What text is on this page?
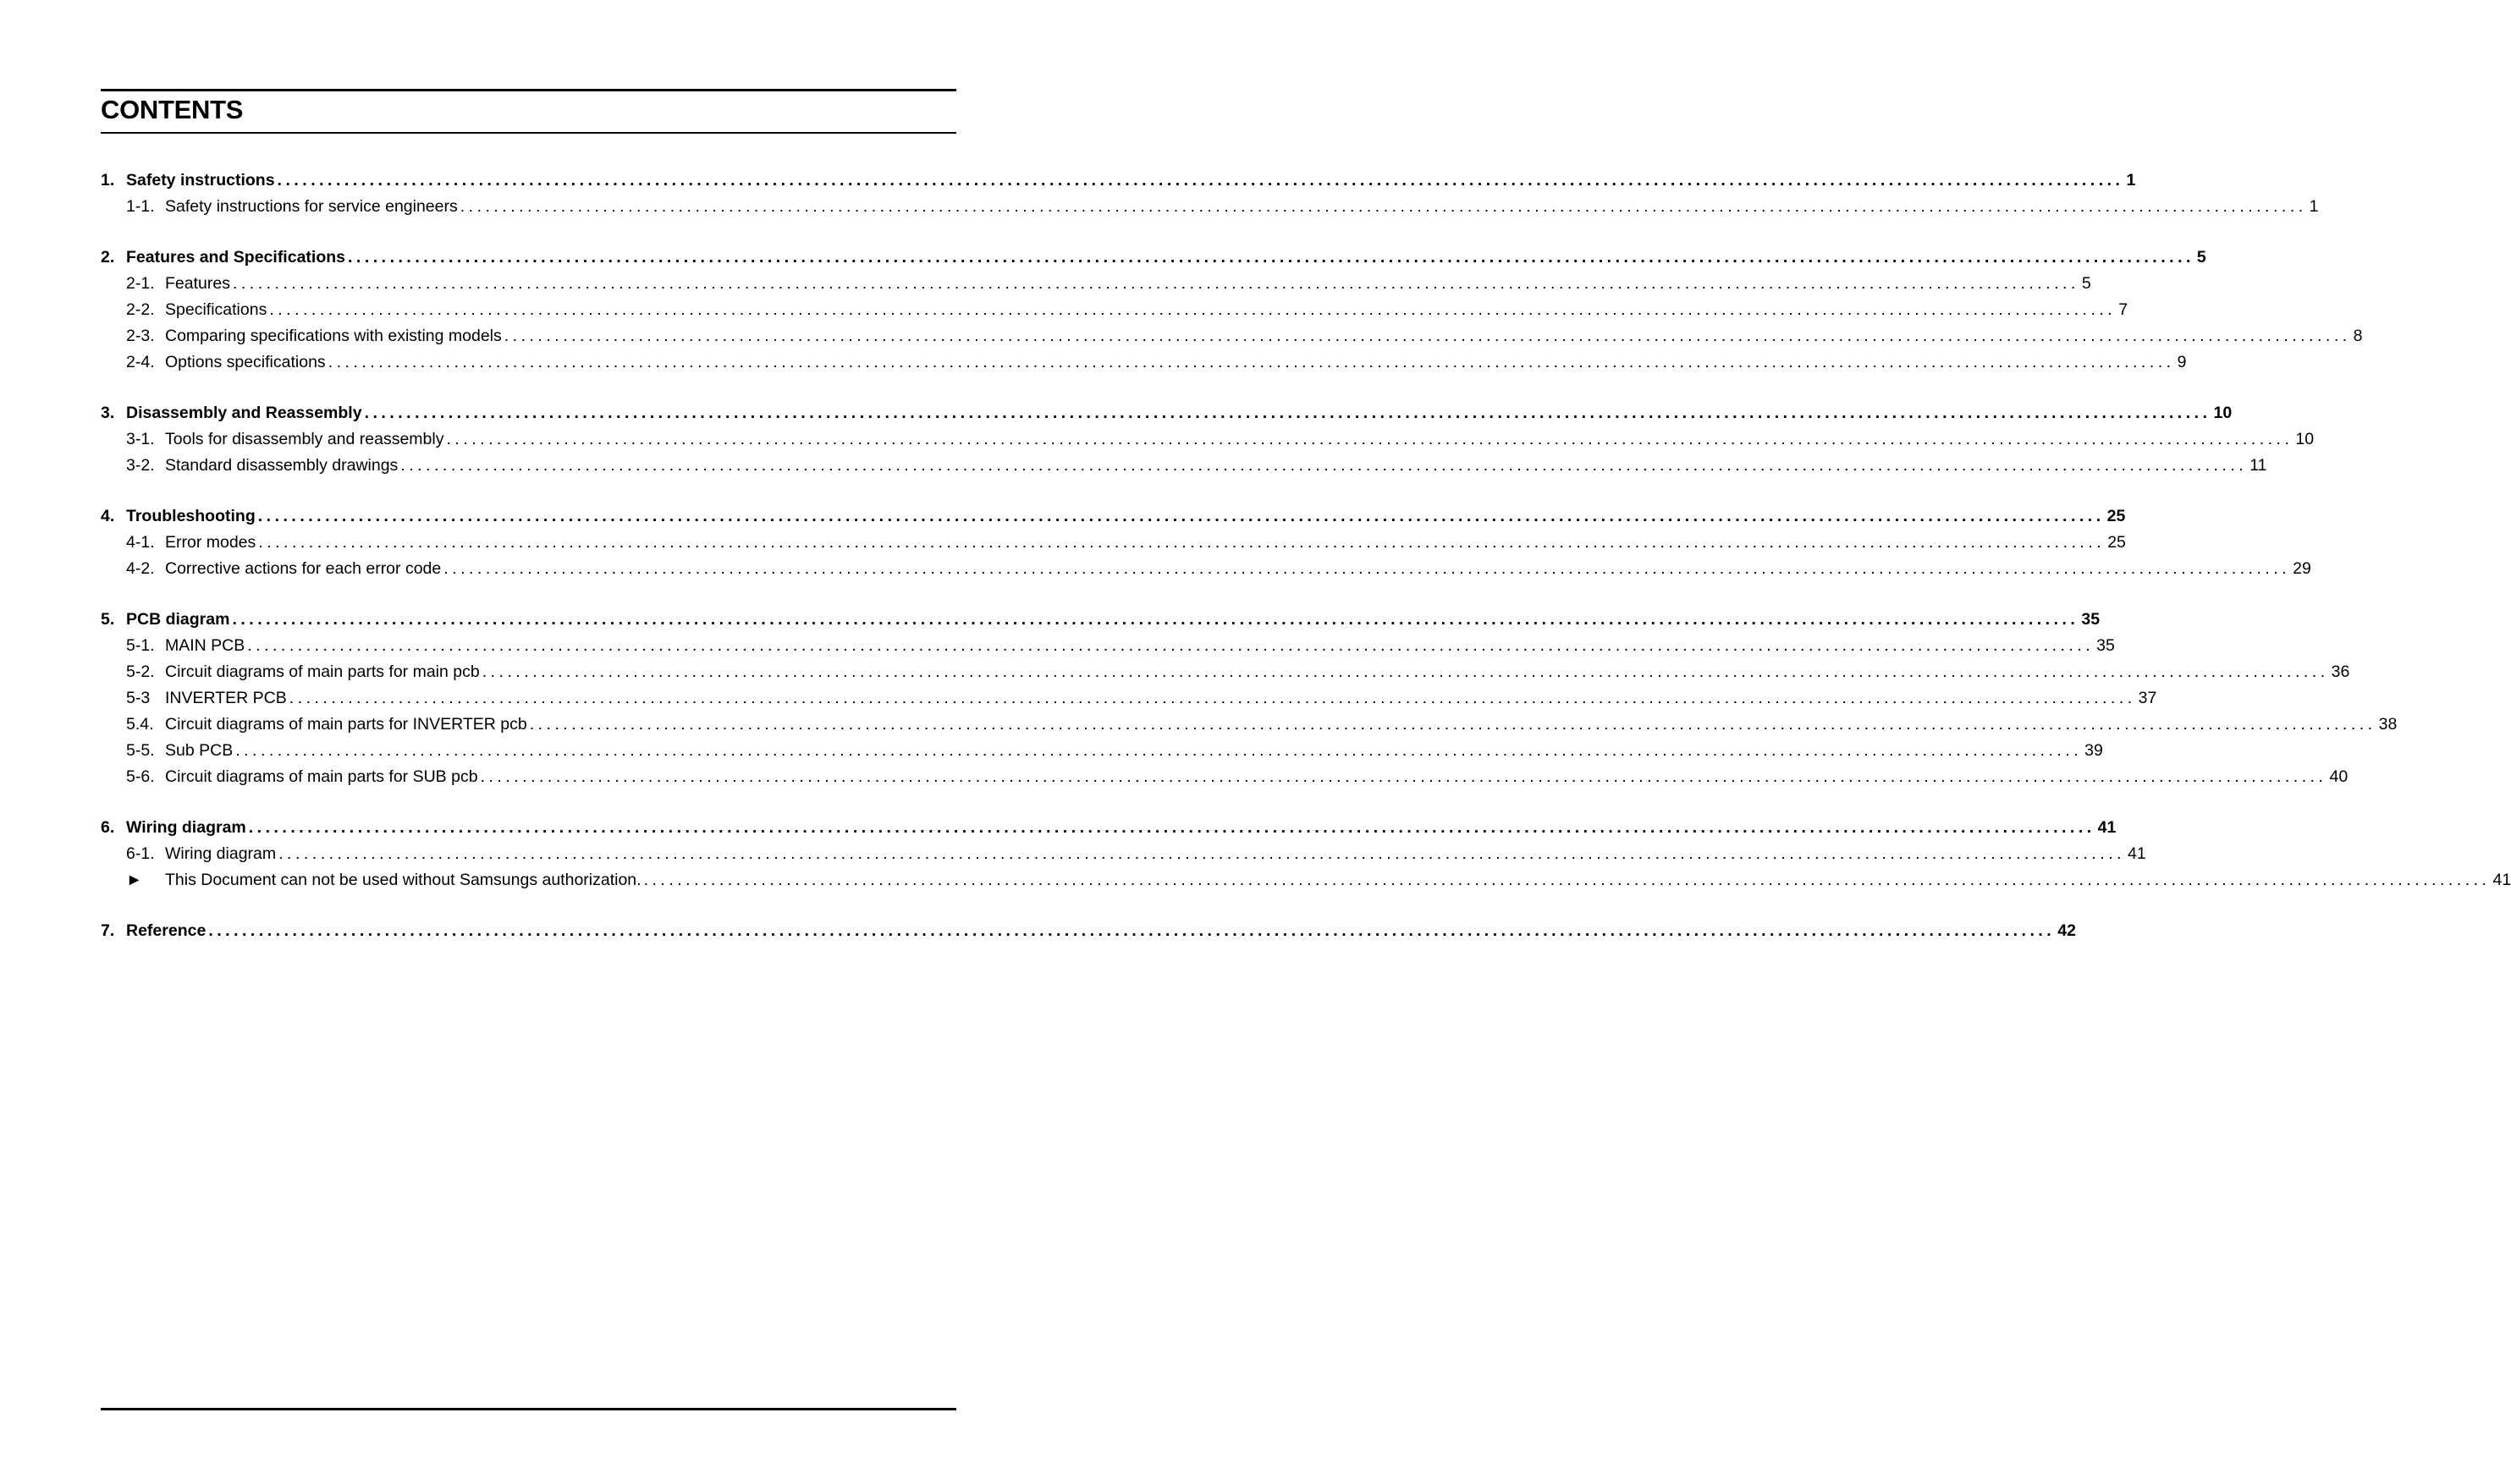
CONTENTS
1. Safety instructions ............................................................................................................................................................................................................................ 1
1-1. Safety instructions for service engineers ............................................................................................................................................................................................................................ 1
2. Features and Specifications ............................................................................................................................................................................................................................ 5
2-1. Features ............................................................................................................................................................................................................................ 5
2-2. Specifications ............................................................................................................................................................................................................................ 7
2-3. Comparing specifications with existing models ............................................................................................................................................................................................................................ 8
2-4. Options specifications ............................................................................................................................................................................................................................ 9
3. Disassembly and Reassembly ............................................................................................................................................................................................................................ 10
3-1. Tools for disassembly and reassembly ............................................................................................................................................................................................................................ 10
3-2. Standard disassembly drawings ............................................................................................................................................................................................................................ 11
4. Troubleshooting ............................................................................................................................................................................................................................ 25
4-1. Error modes ............................................................................................................................................................................................................................ 25
4-2. Corrective actions for each error code ............................................................................................................................................................................................................................ 29
5. PCB diagram ............................................................................................................................................................................................................................ 35
5-1. MAIN PCB ............................................................................................................................................................................................................................ 35
5-2. Circuit diagrams of main parts for main pcb ............................................................................................................................................................................................................................ 36
5-3 INVERTER PCB ............................................................................................................................................................................................................................ 37
5.4. Circuit diagrams of main parts for INVERTER pcb ............................................................................................................................................................................................................................ 38
5-5. Sub PCB ............................................................................................................................................................................................................................ 39
5-6. Circuit diagrams of main parts for SUB pcb ............................................................................................................................................................................................................................ 40
6. Wiring diagram ............................................................................................................................................................................................................................ 41
6-1. Wiring diagram ............................................................................................................................................................................................................................ 41
►	This Document can not be used without Samsungs authorization. ............................................................................................................................................................................................................................ 41
7. Reference ............................................................................................................................................................................................................................ 42
